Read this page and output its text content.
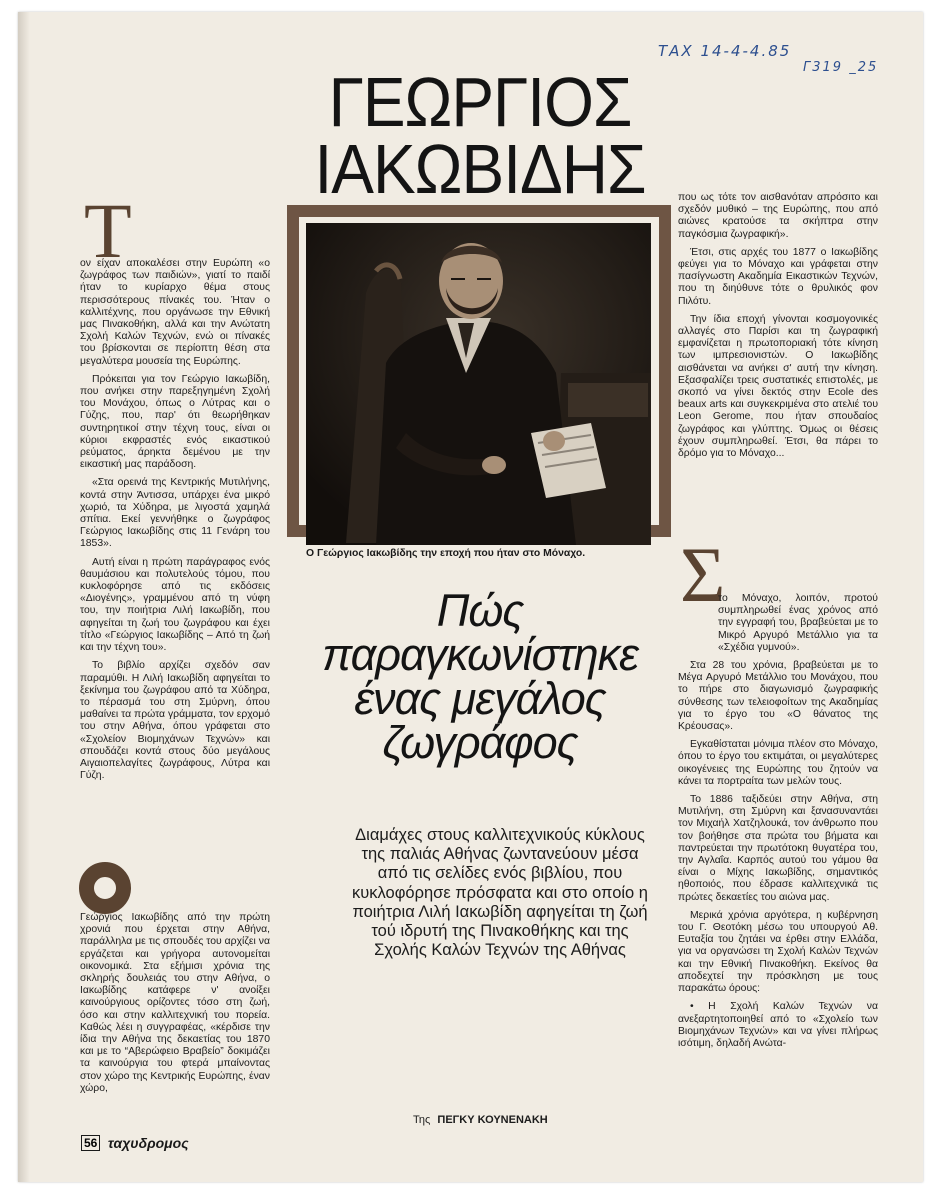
ΤΑΧ 14-4-4.85
Γ319 _25
ΓΕΩΡΓΙΟΣ
ΙΑΚΩΒΙΔΗΣ
Τ

ον είχαν αποκαλέσει στην Ευρώπη «ο ζωγράφος των παιδιών», γιατί το παιδί ήταν το κυρίαρχο θέμα στους περισσότερους πίνακές του. Ήταν ο καλλιτέχνης, που οργάνωσε την Εθνική μας Πινακοθήκη, αλλά και την Ανώτατη Σχολή Καλών Τεχνών, ενώ οι πίνακές του βρίσκονται σε περίοπτη θέση στα μεγαλύτερα μουσεία της Ευρώπης.

Πρόκειται για τον Γεώργιο Ιακωβίδη, που ανήκει στην παρεξηγημένη Σχολή του Μονάχου, όπως ο Λύτρας και ο Γύζης, που, παρ' ότι θεωρήθηκαν συντηρητικοί στην τέχνη τους, είναι οι κύριοι εκφραστές ενός εικαστικού ρεύματος, άρηκτα δεμένου με την εικαστική μας παράδοση.

«Στα ορεινά της Κεντρικής Μυτιλήνης, κοντά στην Άντισσα, υπάρχει ένα μικρό χωριό, τα Χύδηρα, με λιγοστά χαμηλά σπίτια. Εκεί γεννήθηκε ο ζωγράφος Γεώργιος Ιακωβίδης στις 11 Γενάρη του 1853».

Αυτή είναι η πρώτη παράγραφος ενός θαυμάσιου και πολυτελούς τόμου, που κυκλοφόρησε από τις εκδόσεις «Διογένης», γραμμένου από τη νύφη του, την ποιήτρια Λιλή Ιακωβίδη, που αφηγείται τη ζωή του ζωγράφου και έχει τίτλο «Γεώργιος Ιακωβίδης – Από τη ζωή και την τέχνη του».

Το βιβλίο αρχίζει σχεδόν σαν παραμύθι. Η Λιλή Ιακωβίδη αφηγείται το ξεκίνημα του ζωγράφου από τα Χύδηρα, το πέρασμά του στη Σμύρνη, όπου μαθαίνει τα πρώτα γράμματα, τον ερχομό του στην Αθήνα, όπου γράφεται στο «Σχολείον Βιομηχάνων Τεχνών» και σπουδάζει κοντά στους δύο μεγάλους Αιγαιοπελαγίτες ζωγράφους, Λύτρα και Γύζη.

Γεώργιος Ιακωβίδης από την πρώτη χρονιά που έρχεται στην Αθήνα, παράλληλα με τις σπουδές του αρχίζει να εργάζεται και γρήγορα αυτονομείται οικονομικά. Στα εξήμισι χρόνια της σκληρής δουλειάς του στην Αθήνα, ο Ιακωβίδης κατάφερε ν' ανοίξει καινούργιους ορίζοντες τόσο στη ζωή, όσο και στην καλλιτεχνική του πορεία. Καθώς λέει η συγγραφέας, «κέρδισε την ίδια την Αθήνα της δεκαετίας του 1870 και με το “Αβερώφειο Βραβείο” δοκιμάζει τα καινούργια του φτερά μπαίνοντας στον χώρο της Κεντρικής Ευρώπης, έναν χώρο,

Ο Γεώργιος Ιακωβίδης την εποχή που ήταν στο Μόναχο.
Πώς
παραγκωνίστηκε
ένας μεγάλος
ζωγράφος
Διαμάχες στους καλλιτεχνικούς κύκλους της παλιάς Αθήνας ζωντανεύουν μέσα από τις σελίδες ενός βιβλίου, που κυκλοφόρησε πρόσφατα και στο οποίο η ποιήτρια Λιλή Ιακωβίδη αφηγείται τη ζωή τού ιδρυτή της Πινακοθήκης και της Σχολής Καλών Τεχνών της Αθήνας
Της ΠΕΓΚΥ ΚΟΥΝΕΝΑΚΗ

που ως τότε τον αισθανόταν απρόσιτο και σχεδόν μυθικό – της Ευρώπης, που από αιώνες κρατούσε τα σκήπτρα στην παγκόσμια ζωγραφική».

Έτσι, στις αρχές του 1877 ο Ιακωβίδης φεύγει για το Μόναχο και γράφεται στην πασίγνωστη Ακαδημία Εικαστικών Τεχνών, που τη διηύθυνε τότε ο θρυλικός φον Πιλότυ.

Την ίδια εποχή γίνονται κοσμογονικές αλλαγές στο Παρίσι και τη ζωγραφική εμφανίζεται η πρωτοποριακή τότε κίνηση των ιμπρεσιονιστών. Ο Ιακωβίδης αισθάνεται να ανήκει σ' αυτή την κίνηση. Εξασφαλίζει τρεις συστατικές επιστολές, με σκοπό να γίνει δεκτός στην Ecole des beaux arts και συγκεκριμένα στο ατελιέ του Leon Gerome, που ήταν σπουδαίος ζωγράφος και γλύπτης. Όμως οι θέσεις έχουν συμπληρωθεί. Έτσι, θα πάρει το δρόμο για το Μόναχο...

Σ

το Μόναχο, λοιπόν, προτού συμπληρωθεί ένας χρόνος από την εγγραφή του, βραβεύεται με το Μικρό Αργυρό Μετάλλιο για τα «Σχέδια γυμνού».

Στα 28 του χρόνια, βραβεύεται με το Μέγα Αργυρό Μετάλλιο του Μονάχου, που το πήρε στο διαγωνισμό ζωγραφικής σύνθεσης των τελειοφοίτων της Ακαδημίας για το έργο του «Ο θάνατος της Κρέουσας».

Εγκαθίσταται μόνιμα πλέον στο Μόναχο, όπου το έργο του εκτιμάται, οι μεγαλύτερες οικογένειες της Ευρώπης του ζητούν να κάνει τα πορτραίτα των μελών τους.

Το 1886 ταξιδεύει στην Αθήνα, στη Μυτιλήνη, στη Σμύρνη και ξανασυναντάει τον Μιχαήλ Χατζηλουκά, τον άνθρωπο που τον βοήθησε στα πρώτα του βήματα και παντρεύεται την πρωτότοκη θυγατέρα του, την Αγλαΐα. Καρπός αυτού του γάμου θα είναι ο Μίχης Ιακωβίδης, σημαντικός ηθοποιός, που έδρασε καλλιτεχνικά τις πρώτες δεκαετίες του αιώνα μας.

Μερικά χρόνια αργότερα, η κυβέρνηση του Γ. Θεοτόκη μέσω του υπουργού Αθ. Ευταξία του ζητάει να έρθει στην Ελλάδα, για να οργανώσει τη Σχολή Καλών Τεχνών και την Εθνική Πινακοθήκη. Εκείνος θα αποδεχτεί την πρόσκληση με τους παρακάτω όρους:

• Η Σχολή Καλών Τεχνών να ανεξαρτητοποιηθεί από το «Σχολείο των Βιομηχάνων Τεχνών» και να γίνει πλήρως ισότιμη, δηλαδή Ανώτα-

56 ταχυδρομος
